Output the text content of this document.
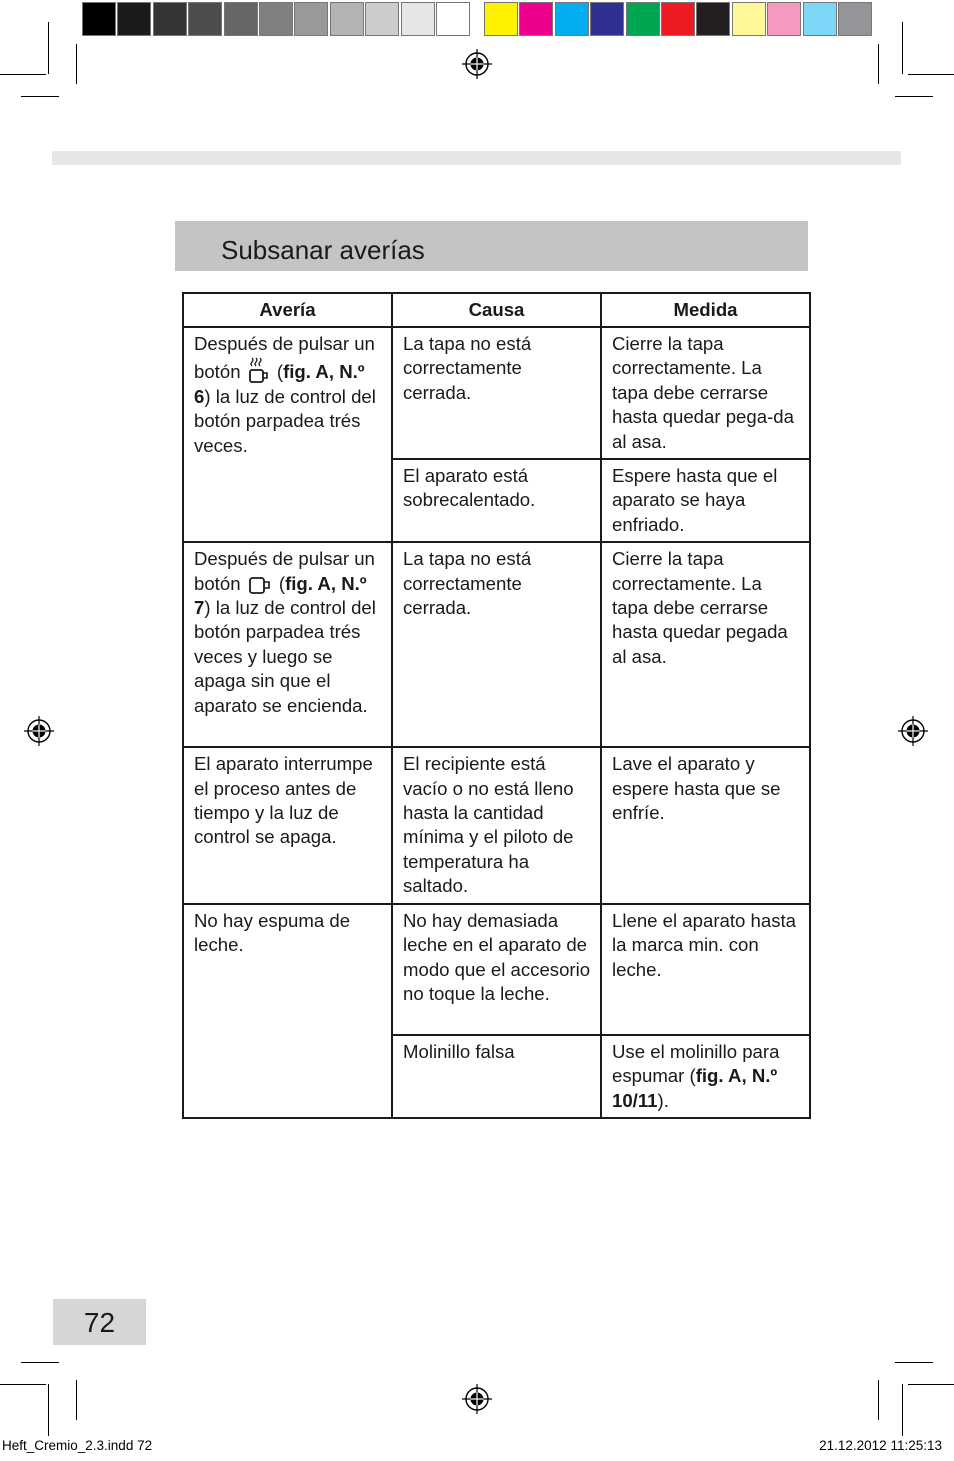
Subsanar averías
Avería	Causa	Medida
Después de pulsar un botón (fig. A, N.º 6) la luz de control del botón parpadea trés veces.	La tapa no está correctamente cerrada.	Cierre la tapa correctamente. La tapa debe cerrarse hasta quedar pega-da al asa.
	El aparato está sobrecalentado.	Espere hasta que el aparato se haya enfriado.
Después de pulsar un botón (fig. A, N.º 7) la luz de control del botón parpadea trés veces y luego se apaga sin que el aparato se encienda.	La tapa no está correctamente cerrada.	Cierre la tapa correctamente. La tapa debe cerrarse hasta quedar pegada al asa.
El aparato interrumpe el proceso antes de tiempo y la luz de control se apaga.	El recipiente está vacío o no está lleno hasta la cantidad mínima y el piloto de temperatura ha saltado.	Lave el aparato y espere hasta que se enfríe.
No hay espuma de leche.	No hay demasiada leche en el aparato de modo que el accesorio no toque la leche.	Llene el aparato hasta la marca min. con leche.
	Molinillo falsa	Use el molinillo para espumar (fig. A, N.º 10/11).
72
Heft_Cremio_2.3.indd 72	21.12.2012 11:25:13
